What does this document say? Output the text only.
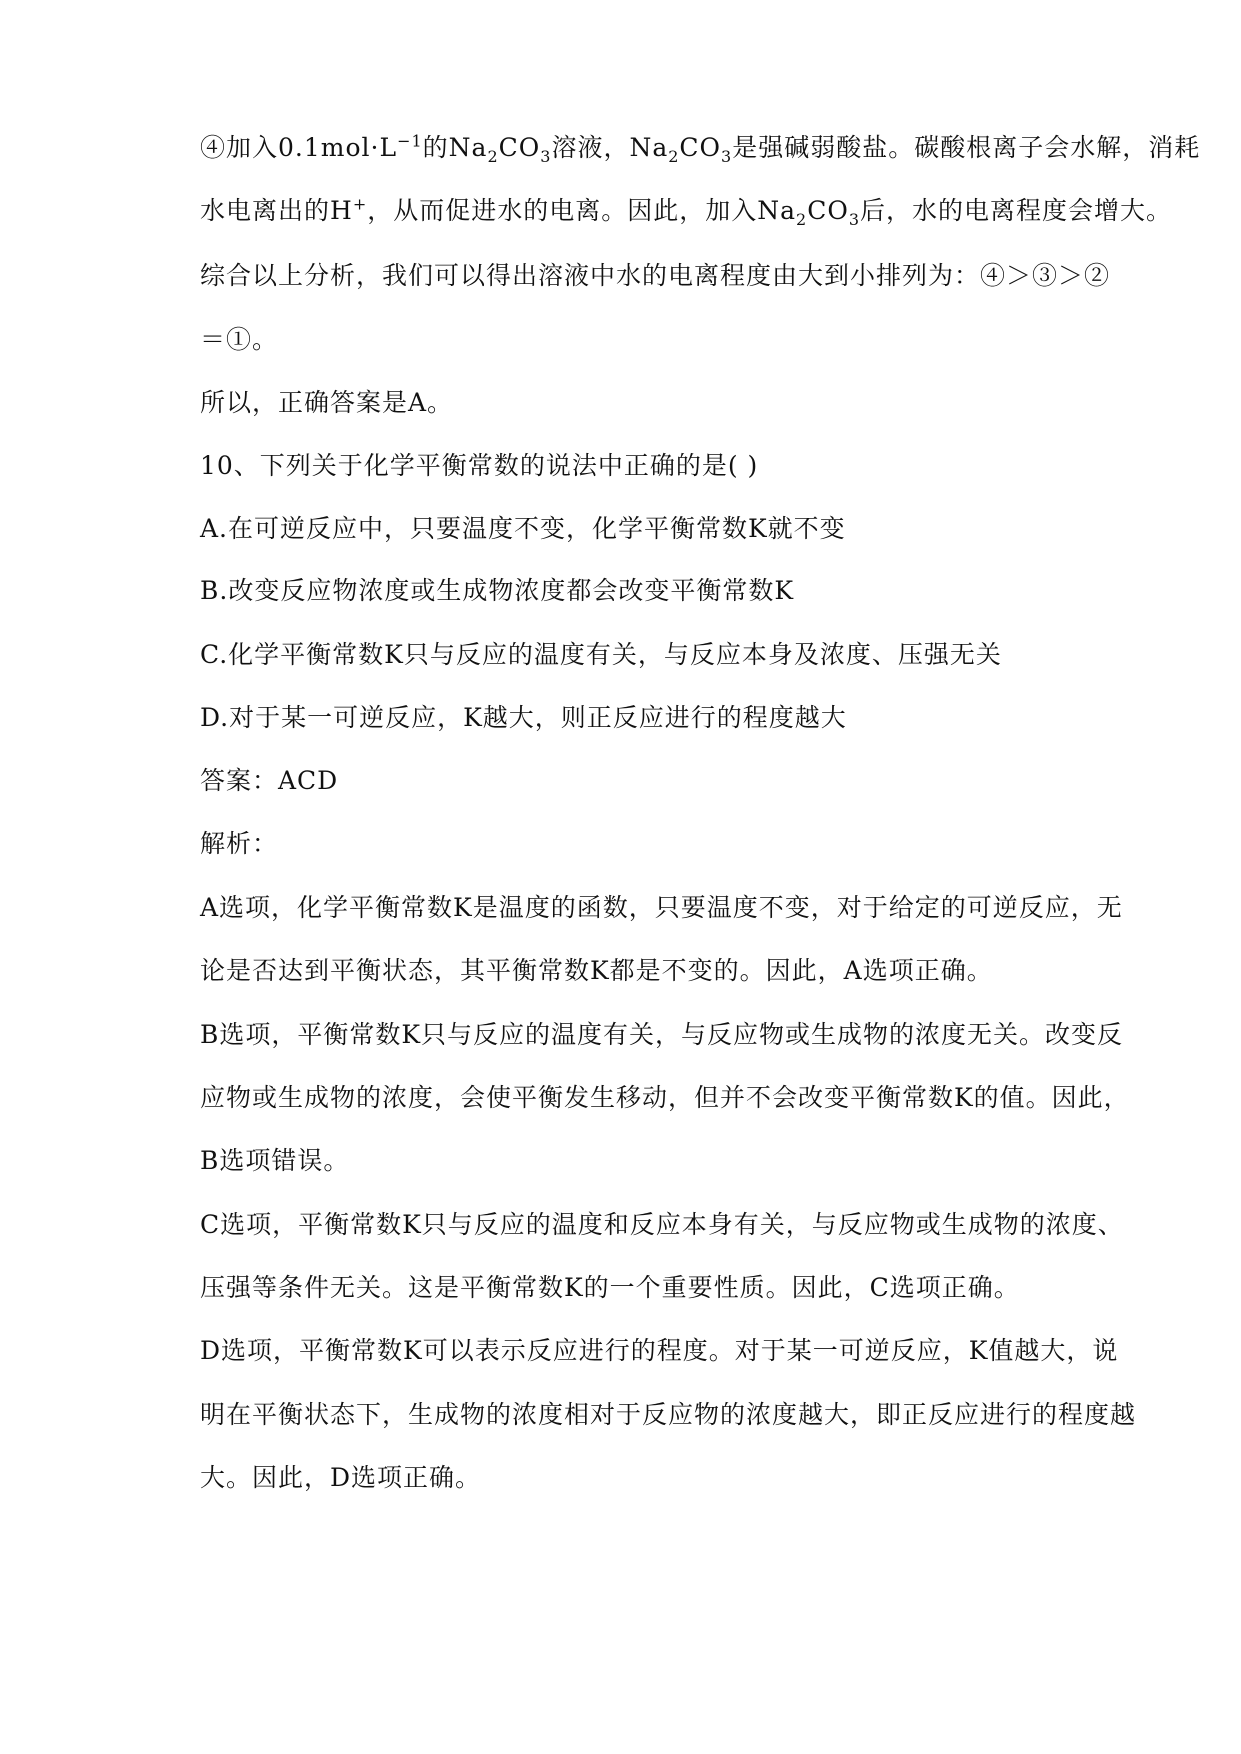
④加入$0.1mol\cdot L^{-1}$的$Na_2CO_3$溶液，$Na_2CO_3$是强碱弱酸盐。碳酸根离子会水解，消耗
水电离出的H+，从而促进水的电离。因此，加入$Na_2CO_3$后，水的电离程度会增大。
综合以上分析，我们可以得出溶液中水的电离程度由大到小排列为：④＞③＞②
＝①。
所以，正确答案是A。
10、下列关于化学平衡常数的说法中正确的是( )
A.在可逆反应中，只要温度不变，化学平衡常数K就不变
B.改变反应物浓度或生成物浓度都会改变平衡常数K
C.化学平衡常数K只与反应的温度有关，与反应本身及浓度、压强无关
D.对于某一可逆反应，K越大，则正反应进行的程度越大
答案：ACD
解析：
A选项，化学平衡常数K是温度的函数，只要温度不变，对于给定的可逆反应，无
论是否达到平衡状态，其平衡常数K都是不变的。因此，A选项正确。
B选项，平衡常数K只与反应的温度有关，与反应物或生成物的浓度无关。改变反
应物或生成物的浓度，会使平衡发生移动，但并不会改变平衡常数K的值。因此，
B选项错误。
C选项，平衡常数K只与反应的温度和反应本身有关，与反应物或生成物的浓度、
压强等条件无关。这是平衡常数K的一个重要性质。因此，C选项正确。
D选项，平衡常数K可以表示反应进行的程度。对于某一可逆反应，K值越大，说
明在平衡状态下，生成物的浓度相对于反应物的浓度越大，即正反应进行的程度越
大。因此，D选项正确。
